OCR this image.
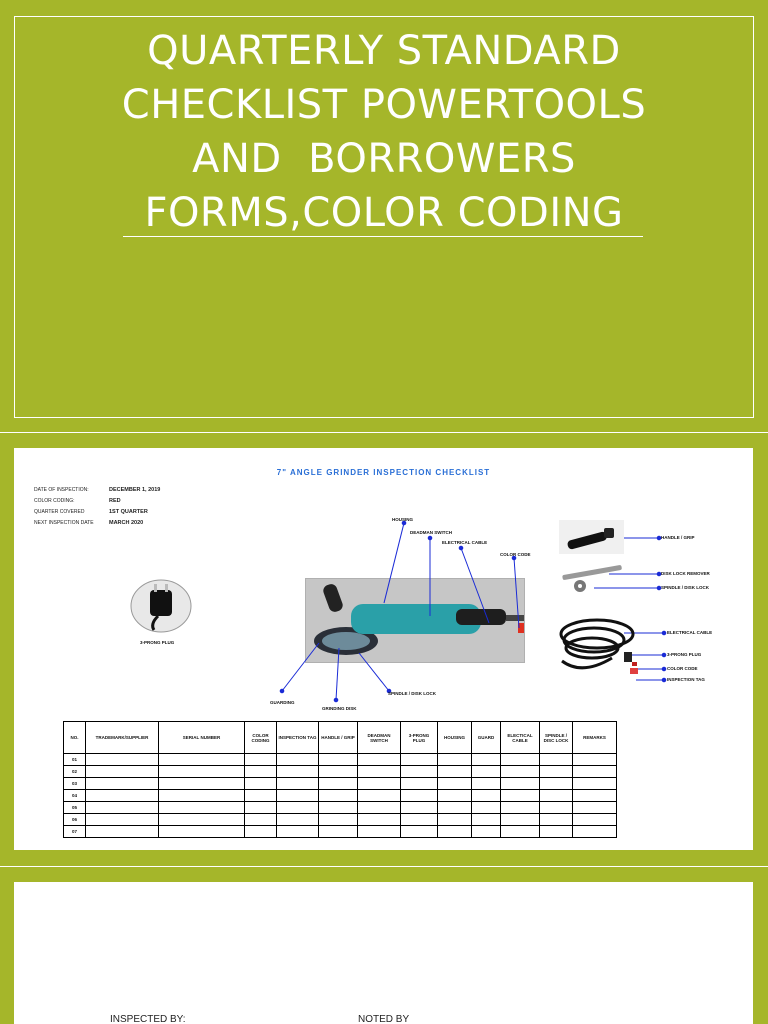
QUARTERLY STANDARD
CHECKLIST POWERTOOLS
AND  BORROWERS
FORMS,COLOR CODING
7" ANGLE GRINDER INSPECTION CHECKLIST
DATE OF INSPECTION:	DECEMBER 1, 2019
COLOR CODING:	RED
QUARTER COVERED	1ST QUARTER
NEXT INSPECTION DATE	MARCH 2020
3-PRONG PLUG
HOUSING
DEADMAN SWITCH
ELECTRICAL CABLE
COLOR CODE
GUARDING
GRINDING DISK
SPINDLE / DISK LOCK
HANDLE / GRIP
DISK LOCK REMOVER
SPINDLE / DISK LOCK
ELECTRICAL CABLE
3-PRONG PLUG
COLOR CODE
INSPECTION TAG
NO.	TRADEMARK/SUPPLIER	SERIAL NUMBER	COLOR CODING	INSPECTION TAG	HANDLE / GRIP	DEADMAN SWITCH	3-PRONG PLUG	HOUSING	GUARD	ELECTICAL CABLE	SPINDLE / DISC LOCK	REMARKS
01												
02												
03												
04												
05												
06												
07												
INSPECTED BY:	NOTED BY
